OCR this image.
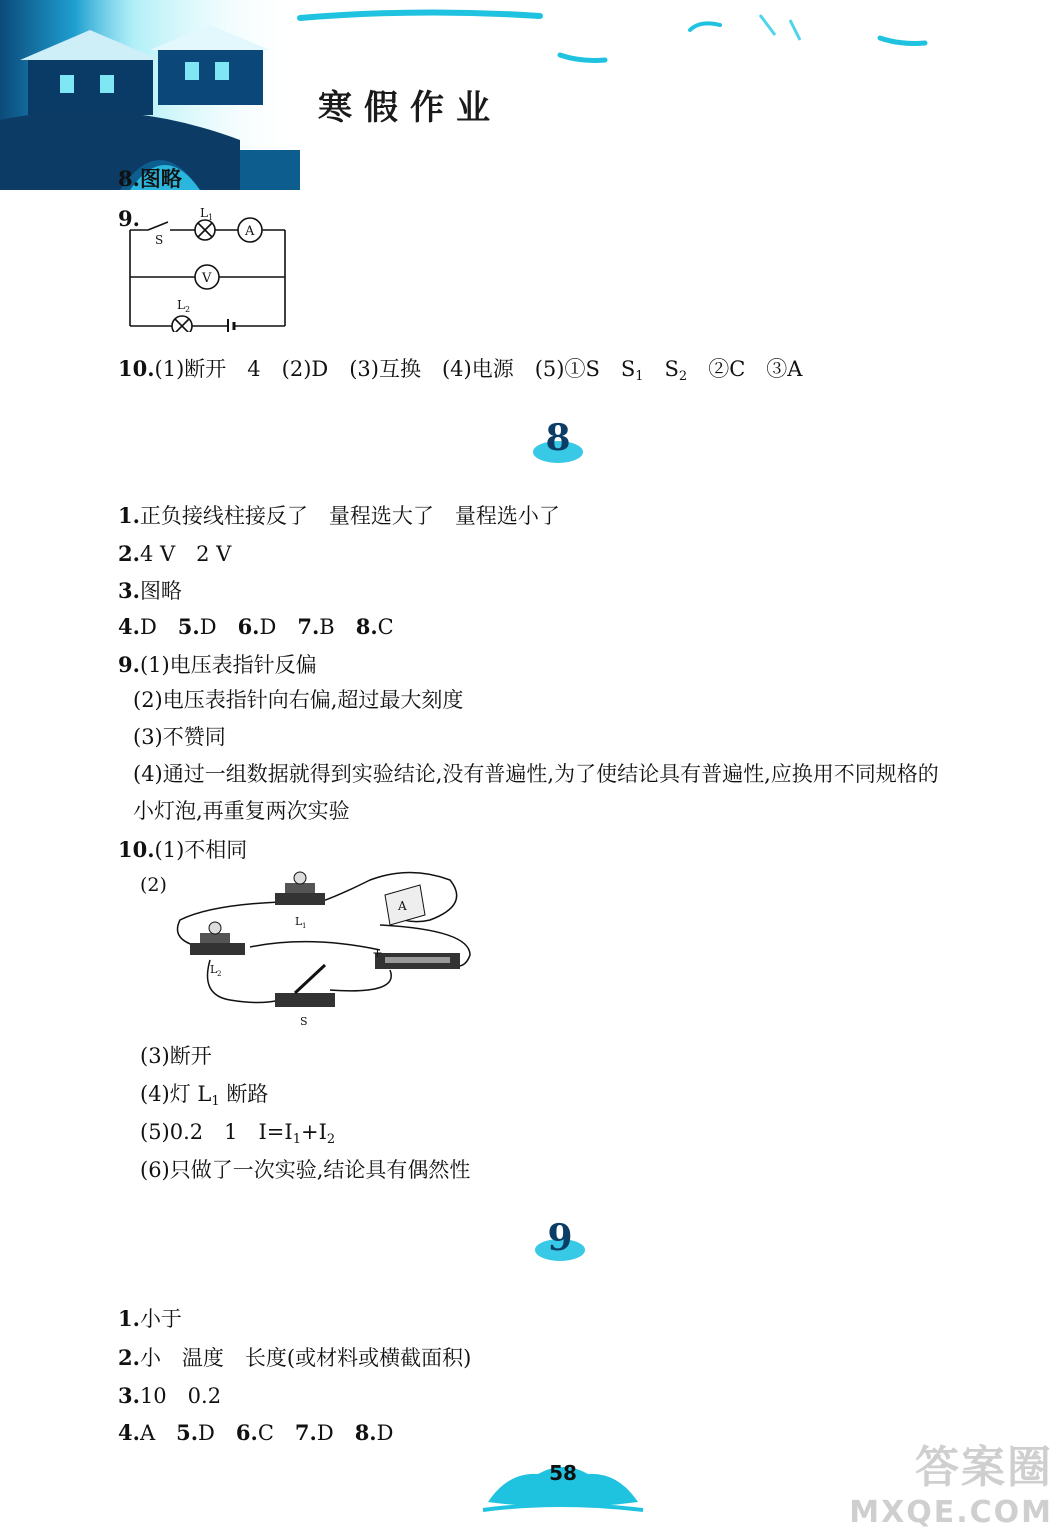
寒假作业
8.图略
9.
S
L 1
A
V
L 2
10.(1)断开　4　(2)D　(3)互换　(4)电源　(5)①S　$S_1$　$S_2$　②C　③A
8
1.正负接线柱接反了　量程选大了　量程选小了
2.4 V　2 V
3.图略
4.D　5.D　6.D　7.B　8.C
9.(1)电压表指针反偏
(2)电压表指针向右偏,超过最大刻度
(3)不赞同
(4)通过一组数据就得到实验结论,没有普遍性,为了使结论具有普遍性,应换用不同规格的
小灯泡,再重复两次实验
10.(1)不相同
(2)
A
L 1
L 2
S
+
(3)断开
(4)灯 $L_1$ 断路
(5)0.2　1　$I=I_1+I_2$
(6)只做了一次实验,结论具有偶然性
9
1.小于
2.小　温度　长度(或材料或横截面积)
3.10　0.2
4.A　5.D　6.C　7.D　8.D
58	答案圈
MXQE.COM
